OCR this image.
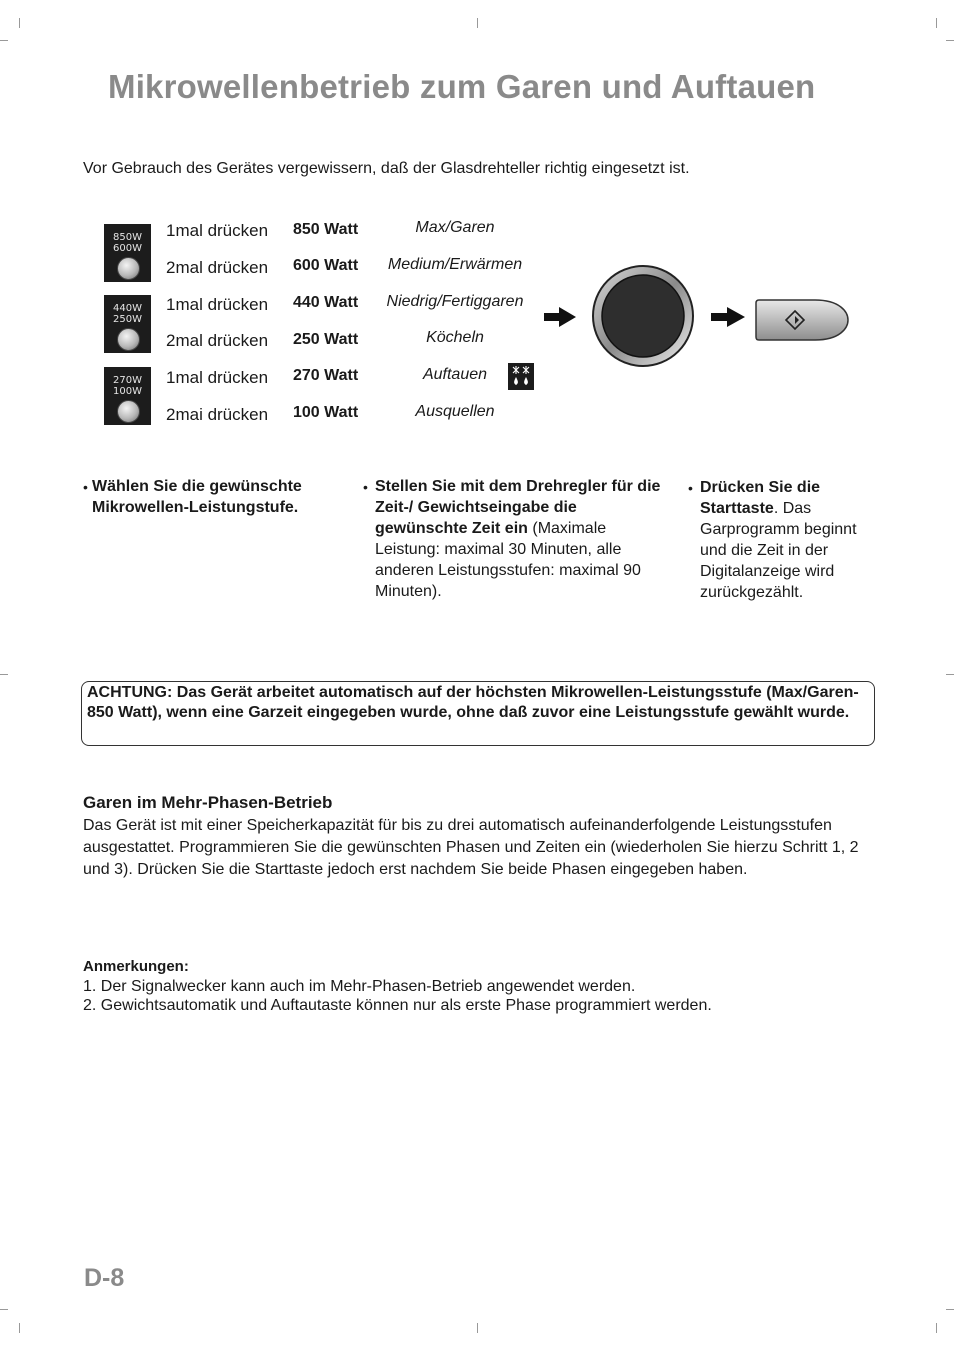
Mikrowellenbetrieb zum Garen und Auftauen
Vor Gebrauch des Gerätes vergewissern, daß der Glasdrehteller richtig eingesetzt ist.
850W
600W
440W
250W
270W
100W
1mal drücken 850 Watt	Max/Garen
2mal drücken 600 Watt	Medium/Erwärmen
1mal drücken 440 Watt	Niedrig/Fertiggaren
2mal drücken 250 Watt	Köcheln
1mal drücken 270 Watt	Auftauen
2mai drücken 100 Watt	Ausquellen
• Wählen Sie die gewünschte Mikrowellen-Leistungstufe.
• Stellen Sie mit dem Drehregler für die Zeit-/ Gewichtseingabe die gewünschte Zeit ein (Maximale Leistung: maximal 30 Minuten, alle anderen Leistungsstufen: maximal 90 Minuten).
• Drücken Sie die Starttaste. Das Garprogramm beginnt und die Zeit in der Digitalanzeige wird zurückgezählt.
ACHTUNG: Das Gerät arbeitet automatisch auf der höchsten Mikrowellen-Leistungsstufe (Max/Garen-850 Watt), wenn eine Garzeit eingegeben wurde, ohne daß zuvor eine Leistungsstufe gewählt wurde.
Garen im Mehr-Phasen-Betrieb
Das Gerät ist mit einer Speicherkapazität für bis zu drei automatisch aufeinanderfolgende Leistungsstufen ausgestattet. Programmieren Sie die gewünschten Phasen und Zeiten ein (wiederholen Sie hierzu Schritt 1, 2 und 3). Drücken Sie die Starttaste jedoch erst nachdem Sie beide Phasen eingegeben haben.
Anmerkungen:
1. Der Signalwecker kann auch im Mehr-Phasen-Betrieb angewendet werden.
2. Gewichtsautomatik und Auftautaste können nur als erste Phase programmiert werden.
D-8
